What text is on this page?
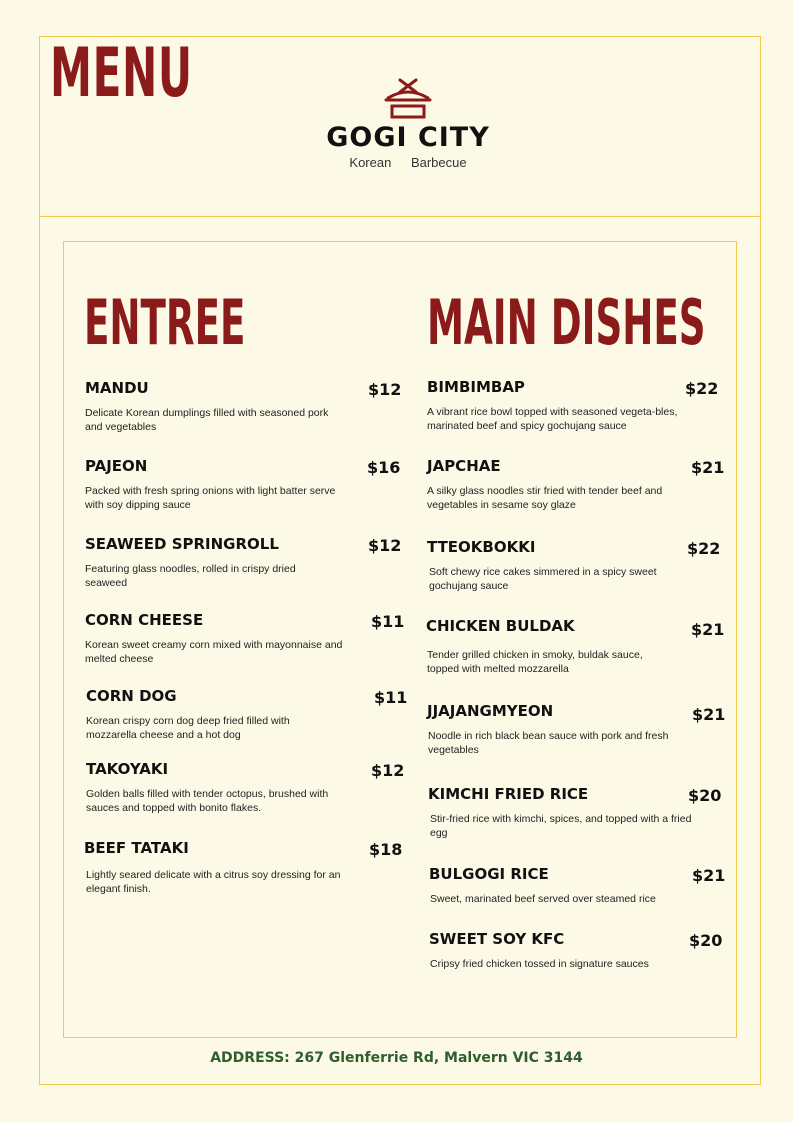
MENU
GOGI CITY
Korean Barbecue
ENTREE	MAIN DISHES
MANDU	$12
Delicate Korean dumplings filled with seasoned pork and vegetables
PAJEON	$16
Packed with fresh spring onions with light batter serve with soy dipping sauce
SEAWEED SPRINGROLL	$12
Featuring glass noodles, rolled in crispy dried seaweed
CORN CHEESE	$11
Korean sweet creamy corn mixed with mayonnaise and melted cheese
CORN DOG	$11
Korean crispy corn dog deep fried filled with mozzarella cheese and a hot dog
TAKOYAKI	$12
Golden balls filled with tender octopus, brushed with sauces and topped with bonito flakes.
BEEF TATAKI	$18
Lightly seared delicate with a citrus soy dressing for an elegant finish.
BIMBIMBAP	$22
A vibrant rice bowl topped with seasoned vegeta-bles, marinated beef and spicy gochujang sauce
JAPCHAE	$21
A silky glass noodles stir fried with tender beef and vegetables in sesame soy glaze
TTEOKBOKKI	$22
Soft chewy rice cakes simmered in a spicy sweet gochujang sauce
CHICKEN BULDAK	$21
Tender grilled chicken in smoky, buldak sauce, topped with melted mozzarella
JJAJANGMYEON	$21
Noodle in rich black bean sauce with pork and fresh vegetables
KIMCHI FRIED RICE	$20
Stir-fried rice with kimchi, spices, and topped with a fried egg
BULGOGI RICE	$21
Sweet, marinated beef served over steamed rice
SWEET SOY KFC	$20
Cripsy fried chicken tossed in signature sauces
ADDRESS: 267 Glenferrie Rd, Malvern VIC 3144
